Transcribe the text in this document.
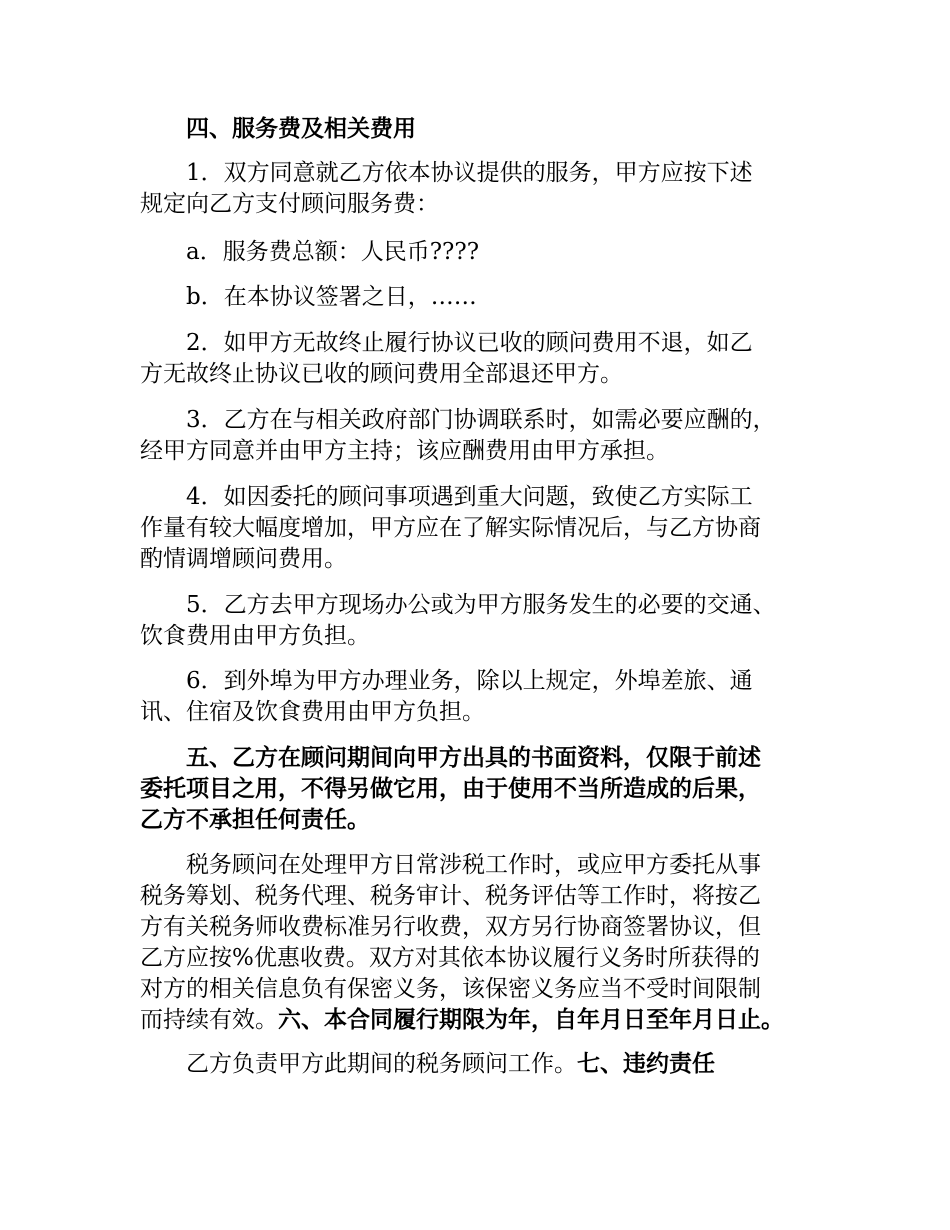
四、服务费及相关费用

1．双方同意就乙方依本协议提供的服务，甲方应按下述
规定向乙方支付顾问服务费：

a．服务费总额：人民币????

b．在本协议签署之日，……

2．如甲方无故终止履行协议已收的顾问费用不退，如乙
方无故终止协议已收的顾问费用全部退还甲方。

3．乙方在与相关政府部门协调联系时，如需必要应酬的，
经甲方同意并由甲方主持；该应酬费用由甲方承担。

4．如因委托的顾问事项遇到重大问题，致使乙方实际工
作量有较大幅度增加，甲方应在了解实际情况后，与乙方协商
酌情调增顾问费用。

5．乙方去甲方现场办公或为甲方服务发生的必要的交通、
饮食费用由甲方负担。

6．到外埠为甲方办理业务，除以上规定，外埠差旅、通
讯、住宿及饮食费用由甲方负担。

五、乙方在顾问期间向甲方出具的书面资料，仅限于前述
委托项目之用，不得另做它用，由于使用不当所造成的后果，
乙方不承担任何责任。

税务顾问在处理甲方日常涉税工作时，或应甲方委托从事
税务筹划、税务代理、税务审计、税务评估等工作时，将按乙
方有关税务师收费标准另行收费，双方另行协商签署协议，但
乙方应按%优惠收费。双方对其依本协议履行义务时所获得的
对方的相关信息负有保密义务，该保密义务应当不受时间限制
而持续有效。六、本合同履行期限为年，自年月日至年月日止。

乙方负责甲方此期间的税务顾问工作。七、违约责任
